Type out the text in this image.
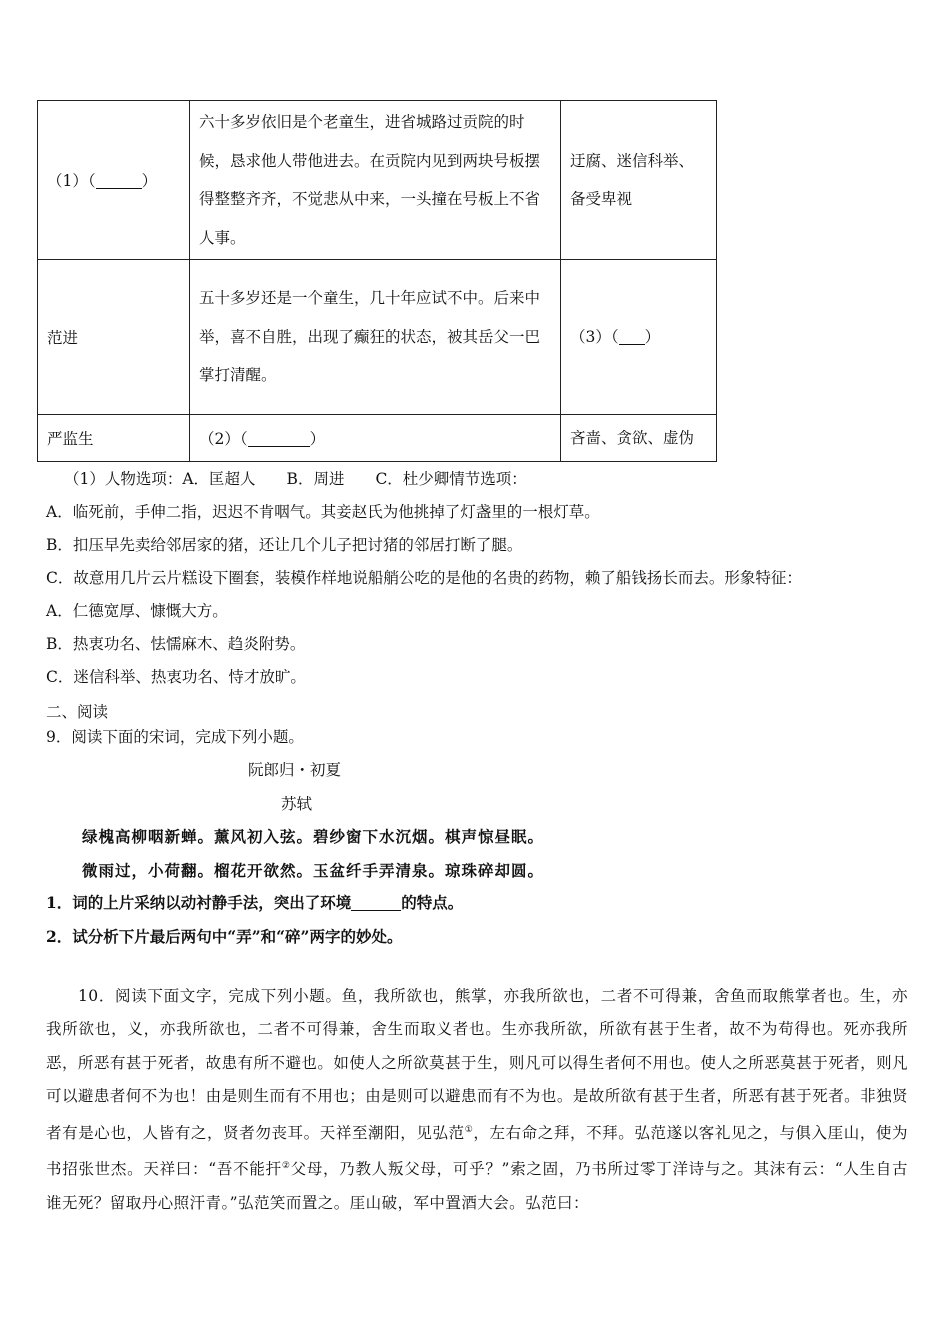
（1）（ ）	六十多岁依旧是个老童生，进省城路过贡院的时候，恳求他人带他进去。在贡院内见到两块号板摆得整整齐齐，不觉悲从中来，一头撞在号板上不省人事。	迂腐、迷信科举、备受卑视

范进	五十多岁还是一个童生，几十年应试不中。后来中举，喜不自胜，出现了癫狂的状态，被其岳父一巴掌打清醒。	（3）（ ）
严监生	（2）（ ）	吝啬、贪欲、虚伪
（1）人物选项：A．匡超人　　B．周进　　C．杜少卿情节选项：
A．临死前，手伸二指，迟迟不肯咽气。其妾赵氏为他挑掉了灯盏里的一根灯草。
B．扣压早先卖给邻居家的猪，还让几个儿子把讨猪的邻居打断了腿。
C．故意用几片云片糕设下圈套，装模作样地说船艄公吃的是他的名贵的药物，赖了船钱扬长而去。形象特征：
A．仁德宽厚、慷慨大方。
B．热衷功名、怯懦麻木、趋炎附势。
C．迷信科举、热衷功名、恃才放旷。
二、阅读
9．阅读下面的宋词，完成下列小题。
阮郎归・初夏
苏轼
绿槐高柳咽新蝉。薰风初入弦。碧纱窗下水沉烟。棋声惊昼眠。
微雨过，小荷翻。榴花开欲然。玉盆纤手弄清泉。琼珠碎却圆。
1．词的上片采纳以动衬静手法，突出了环境	的特点。
2．试分析下片最后两句中“弄”和“碎”两字的妙处。
10．阅读下面文字，完成下列小题。鱼，我所欲也，熊掌，亦我所欲也，二者不可得兼，舍鱼而取熊掌者也。生，亦我所欲也，义，亦我所欲也，二者不可得兼，舍生而取义者也。生亦我所欲，所欲有甚于生者，故不为苟得也。死亦我所恶，所恶有甚于死者，故患有所不避也。如使人之所欲莫甚于生，则凡可以得生者何不用也。使人之所恶莫甚于死者，则凡可以避患者何不为也！由是则生而有不用也；由是则可以避患而有不为也。是故所欲有甚于生者，所恶有甚于死者。非独贤者有是心也，人皆有之，贤者勿丧耳。天祥至潮阳，见弘范①，左右命之拜，不拜。弘范遂以客礼见之，与俱入厓山，使为书招张世杰。天祥曰：“吾不能扞②父母，乃教人叛父母，可乎？”索之固，乃书所过零丁洋诗与之。其沫有云：“人生自古谁无死？留取丹心照汗青。”弘范笑而置之。厓山破，军中置酒大会。弘范曰：
